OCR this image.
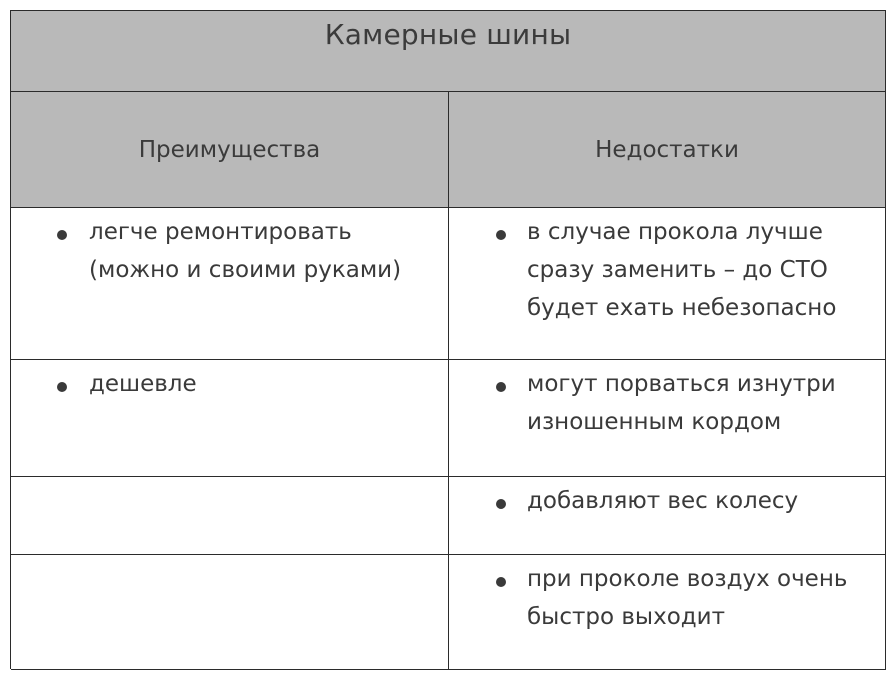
Камерные шины
Преимущества	Недостатки
легче ремонтировать
(можно и своими руками)
в случае прокола лучше
сразу заменить – до СТО
будет ехать небезопасно
дешевле	могут порваться изнутри
изношенным кордом
добавляют вес колесу
при проколе воздух очень
быстро выходит
